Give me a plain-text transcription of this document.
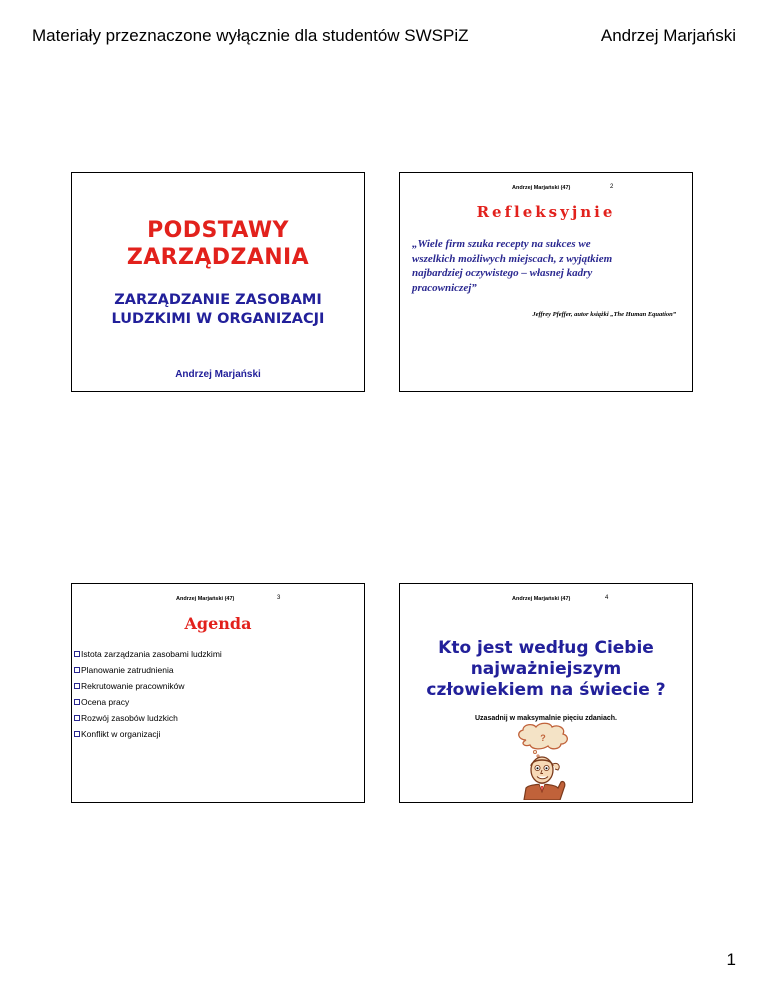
Materiały przeznaczone wyłącznie dla studentów SWSPiZ	Andrzej Marjański
PODSTAWY
ZARZĄDZANIA
ZARZĄDZANIE ZASOBAMI
LUDZKIMI W ORGANIZACJI
Andrzej Marjański
Andrzej Marjański (47)	2
Refleksyjnie
„Wiele firm szuka recepty na sukces we
wszelkich możliwych miejscach, z wyjątkiem
najbardziej oczywistego – własnej kadry
pracowniczej”
Jeffrey Pfeffer, autor książki „The Human Equation”
Andrzej Marjański (47)	3
Agenda
Istota zarządzania zasobami ludzkimi
Planowanie zatrudnienia
Rekrutowanie pracowników
Ocena pracy
Rozwój zasobów ludzkich
Konflikt w organizacji
Andrzej Marjański (47)	4
Kto jest według Ciebie
najważniejszym
człowiekiem na świecie ?
Uzasadnij w maksymalnie pięciu zdaniach.
?
1
